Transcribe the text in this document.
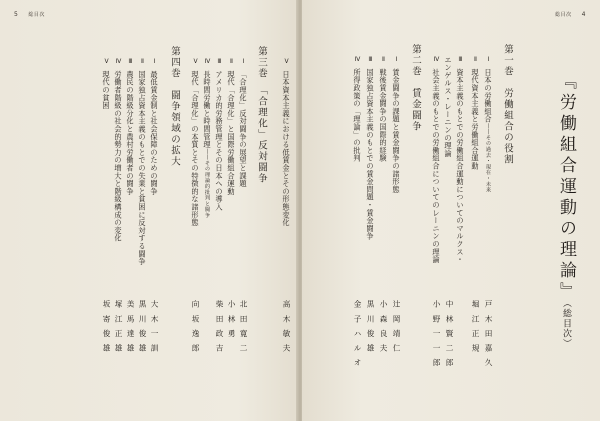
5 総目次
Ⅴ日本資本主義における低賃金とその形態変化
第三巻　「合理化」反対闘争
Ⅰ「合理化」反対闘争の展望と課題
Ⅱ現代「合理化」と国際労働組合運動
Ⅲアメリカ的労務管理とその日本への導入
Ⅳ長時間労働と時間管理――その理論的批判と闘争
Ⅴ現代「合理化」の本質とその特徴的な諸形態
第四巻　闘争領域の拡大
Ⅰ最低賃金制と社会保障のための闘争
Ⅱ国家独占資本主義のもとでの失業と貧困に反対する闘争
Ⅲ農民の階級分化と農村労働者の闘争
Ⅳ労働者階級の社会的勢力の増大と階級構成の変化
Ⅴ現代の貧困
高木敏夫
北田寛二
小林勇
柴田政吉
向坂逸郎
大木一訓
黒川俊雄
美馬達雄
塚江正雄
坂寄俊雄
総目次 4
『労働組合運動の理論』（総目次）
第一巻　労働組合の役割
Ⅰ日本の労働組合――その過去・現在・未来
Ⅱ現代資本主義と労働組合運動
Ⅲ資本主義のもとでの労働組合運動についてのマルクス・エンゲルス・レーニンの理論
Ⅳ社会主義のもとでの労働組合についてのレーニンの理論
第二巻　賃金闘争
Ⅰ賃金闘争の課題と賃金闘争の諸形態
Ⅱ戦後賃金闘争の国際的経験
Ⅲ国家独占資本主義のもとでの賃金問題・賃金闘争
Ⅳ所得政策の「理論」の批判
戸木田嘉久
堀江正規
中林賢二郎
小野一一郎
辻岡靖仁
小森良夫
黒川俊雄
金子ハルオ
